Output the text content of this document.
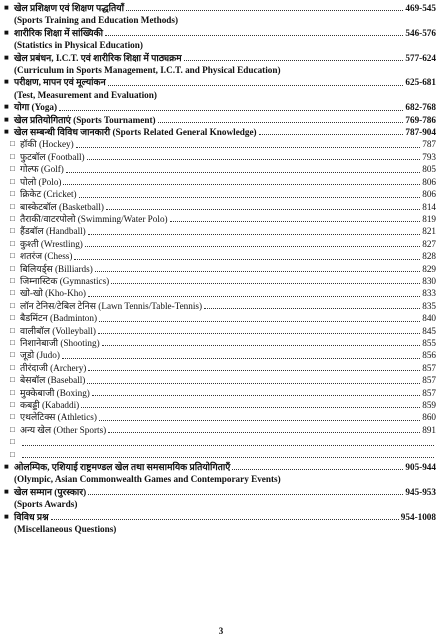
■
खेल प्रशिक्षण एवं शिक्षण पद्धतियाँ	469-545
(Sports Training and Education Methods)
■
शारीरिक शिक्षा में सांख्यिकी	546-576
(Statistics in Physical Education)
■
खेल प्रबंधन, I.C.T. एवं शारीरिक शिक्षा में पाठ्यक्रम	577-624
(Curriculum in Sports Management, I.C.T. and Physical Education)
■
परीक्षण, मापन एवं मूल्यांकन	625-681
(Test, Measurement and Evaluation)
■
योगा (Yoga)	682-768
■
खेल प्रतियोगिताएं (Sports Tournament)	769-786
■
खेल सम्बन्धी विविध जानकारी (Sports Related General Knowledge)	787-904
□
हॉकी (Hockey)	787
□
फुटबॉल (Football)	793
□
गोल्फ (Golf)	805
□
पोलो (Polo)	806
□
क्रिकेट (Cricket)	806
□
बास्केटबॉल (Basketball)	814
□
तैराकी/वाटरपोलो (Swimming/Water Polo)	819
□
हैंडबॉल (Handball)	821
□
कुश्ती (Wrestling)	827
□
शतरंज (Chess)	828
□
बिलियर्ड्स (Billiards)	829
□
जिम्नास्टिक (Gymnastics)	830
□
खो-खो (Kho-Kho)	833
□
लॉन टेनिस/टेबिल टेनिस (Lawn Tennis/Table-Tennis)	835
□
बैडमिंटन (Badminton)	840
□
वालीबॉल (Volleyball)	845
□
निशानेबाजी (Shooting)	855
□
जूडो (Judo)	856
□
तीरंदाजी (Archery)	857
□
बेसबॉल (Baseball)	857
□
मुक्केबाजी (Boxing)	857
□
कबड्डी (Kabaddi)	859
□
एथलेटिक्स (Athletics)	860
□
अन्य खेल (Other Sports)	891
□
□
■
ओलम्पिक, एशियाई राष्ट्रमण्डल खेल तथा समसामयिक प्रतियोगिताएँ	905-944
(Olympic, Asian Commonwealth Games and Contemporary Events)
■
खेल सम्मान (पुरस्कार)	945-953
(Sports Awards)
■
विविध प्रश्न	954-1008
(Miscellaneous Questions)
3
